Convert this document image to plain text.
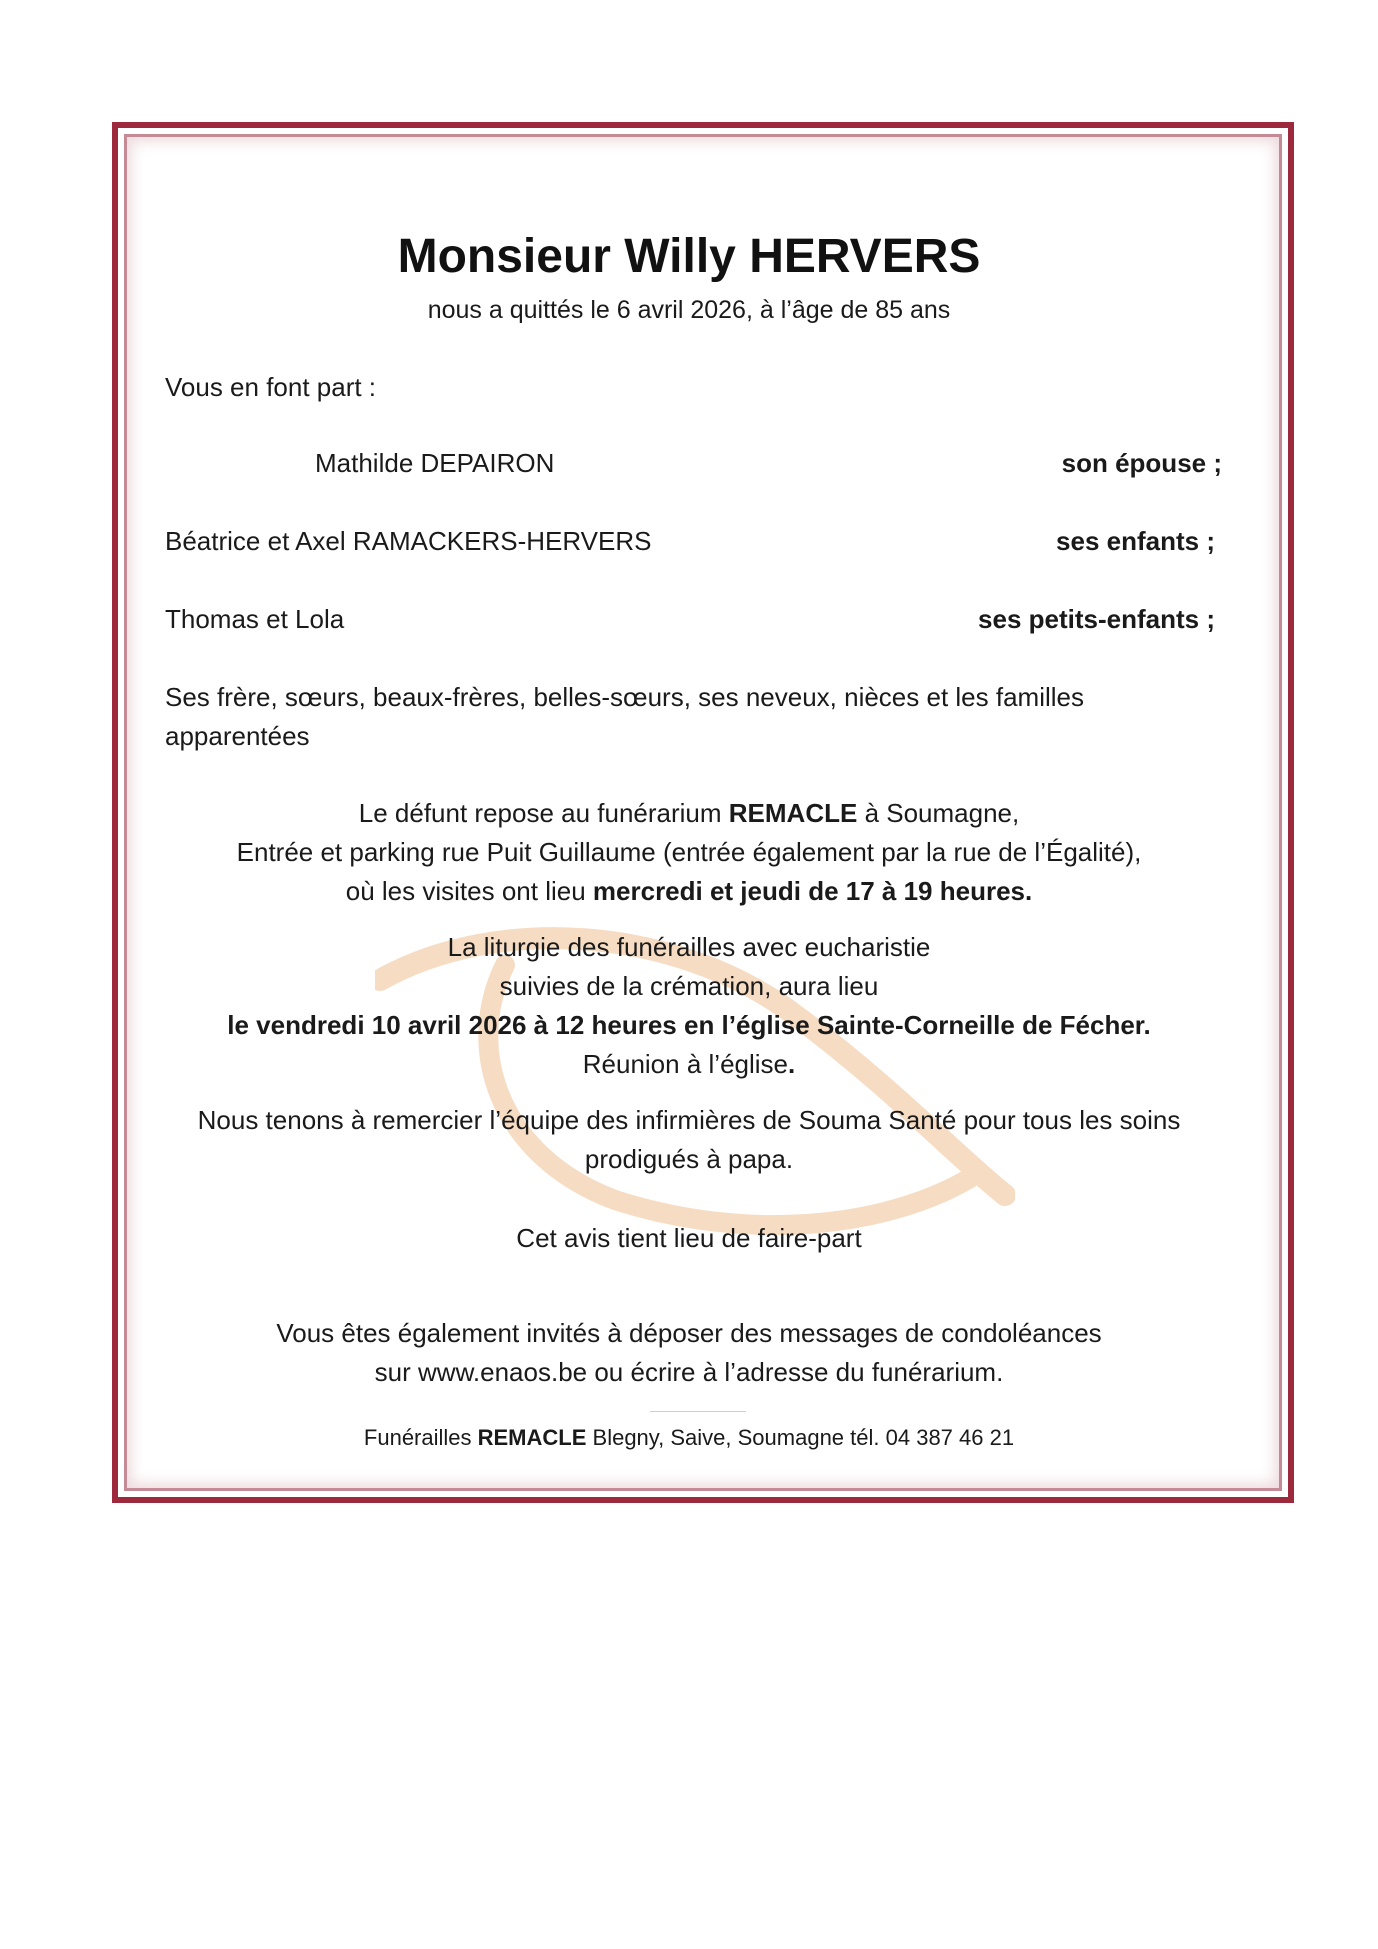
Monsieur Willy HERVERS
nous a quittés le 6 avril 2026, à l’âge de 85 ans
Vous en font part :
Mathilde DEPAIRON	son épouse ;
Béatrice et Axel RAMACKERS-HERVERS	ses enfants ;
Thomas et Lola	ses petits-enfants ;
Ses frère, sœurs, beaux-frères, belles-sœurs, ses neveux, nièces et les familles
apparentées
Le défunt repose au funérarium REMACLE à Soumagne,
Entrée et parking rue Puit Guillaume (entrée également par la rue de l’Égalité),
où les visites ont lieu mercredi et jeudi de 17 à 19 heures.
La liturgie des funérailles avec eucharistie
suivies de la crémation, aura lieu
le vendredi 10 avril 2026 à 12 heures en l’église Sainte-Corneille de Fécher.
Réunion à l’église.
Nous tenons à remercier l’équipe des infirmières de Souma Santé pour tous les soins
prodigués à papa.
Cet avis tient lieu de faire-part
Vous êtes également invités à déposer des messages de condoléances
sur www.enaos.be ou écrire à l’adresse du funérarium.
Funérailles REMACLE Blegny, Saive, Soumagne tél. 04 387 46 21
